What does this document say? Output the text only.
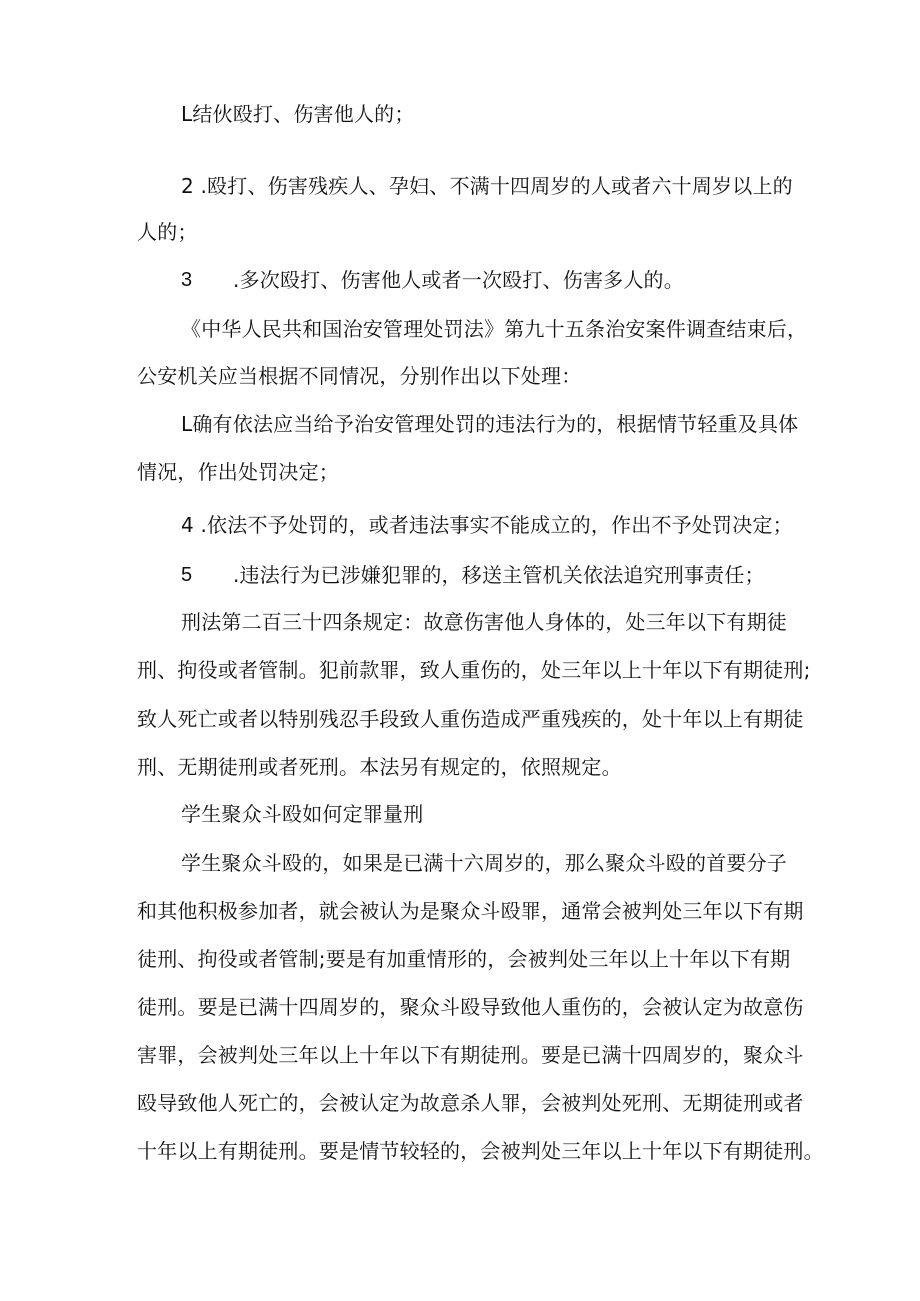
L结伙殴打、伤害他人的；
2 .殴打、伤害残疾人、孕妇、不满十四周岁的人或者六十周岁以上的
人的；
3 .多次殴打、伤害他人或者一次殴打、伤害多人的。
《中华人民共和国治安管理处罚法》第九十五条治安案件调查结束后，
公安机关应当根据不同情况，分别作出以下处理：
L确有依法应当给予治安管理处罚的违法行为的，根据情节轻重及具体
情况，作出处罚决定；
4 .依法不予处罚的，或者违法事实不能成立的，作出不予处罚决定；
5 .违法行为已涉嫌犯罪的，移送主管机关依法追究刑事责任；
刑法第二百三十四条规定：故意伤害他人身体的，处三年以下有期徒
刑、拘役或者管制。犯前款罪，致人重伤的，处三年以上十年以下有期徒刑;
致人死亡或者以特别残忍手段致人重伤造成严重残疾的，处十年以上有期徒
刑、无期徒刑或者死刑。本法另有规定的，依照规定。
学生聚众斗殴如何定罪量刑
学生聚众斗殴的，如果是已满十六周岁的，那么聚众斗殴的首要分子
和其他积极参加者，就会被认为是聚众斗殴罪，通常会被判处三年以下有期
徒刑、拘役或者管制;要是有加重情形的，会被判处三年以上十年以下有期
徒刑。要是已满十四周岁的，聚众斗殴导致他人重伤的，会被认定为故意伤
害罪，会被判处三年以上十年以下有期徒刑。要是已满十四周岁的，聚众斗
殴导致他人死亡的，会被认定为故意杀人罪，会被判处死刑、无期徒刑或者
十年以上有期徒刑。要是情节较轻的，会被判处三年以上十年以下有期徒刑。
